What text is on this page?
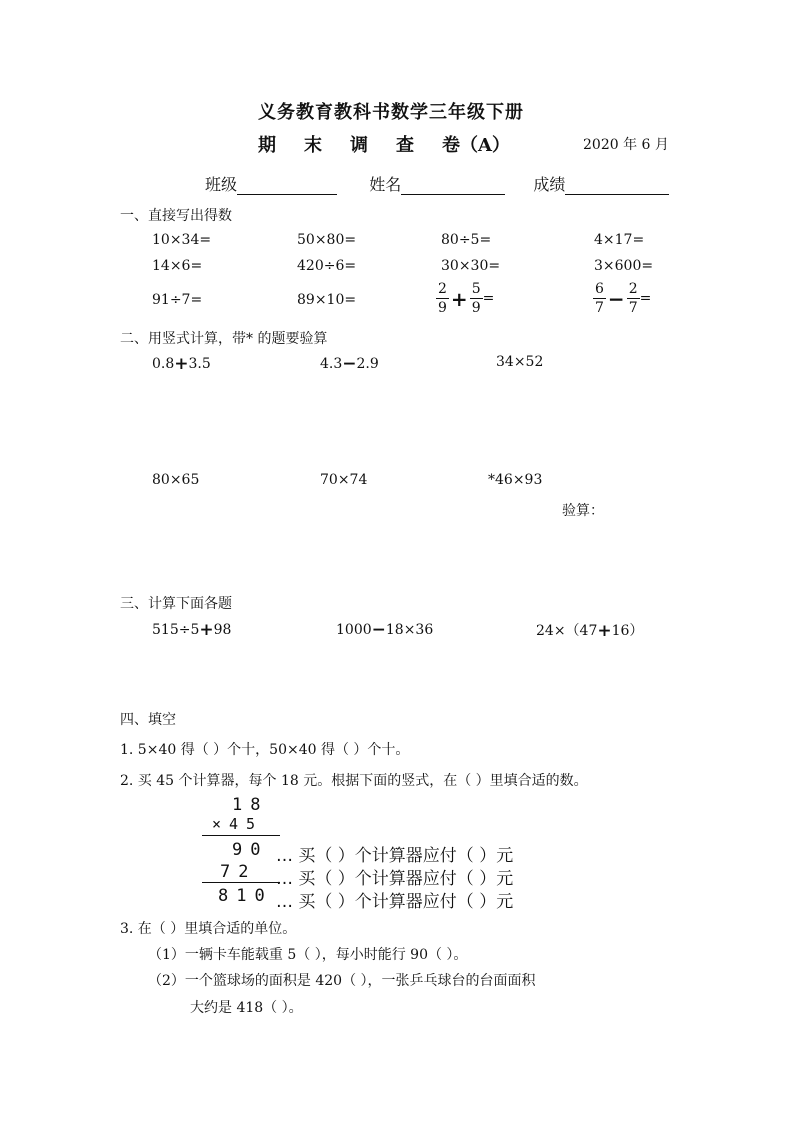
义务教育教科书数学三年级下册
期 末 调 查 卷（A）	2020 年 6 月
班级	姓名	成绩
一、直接写出得数
10×34=	50×80=	80÷5=	4×17=
14×6=	420÷6=	30×30=	3×600=
91÷7=	89×10=	$\frac{2}{9} + \frac{5}{9}$ =	$\frac{6}{7} - \frac{2}{7}$ =
二、用竖式计算，带* 的题要验算
0.8+3.5	4.3−2.9	34×52
80×65	70×74	*46×93
验算：
三、计算下面各题
515÷5+98	1000−18×36	24×（47+16）
四、填空
1. 5×40 得（ ）个十，50×40 得（ ）个十。
2. 买 45 个计算器，每个 18 元。根据下面的竖式，在（ ）里填合适的数。
18
×45
90
72
810
… 买（ ）个计算器应付（ ）元
… 买（ ）个计算器应付（ ）元
… 买（ ）个计算器应付（ ）元
3. 在（ ）里填合适的单位。
（1）一辆卡车能载重 5（ ），每小时能行 90（ ）。
（2）一个篮球场的面积是 420（ ），一张乒乓球台的台面面积
大约是 418（ ）。
